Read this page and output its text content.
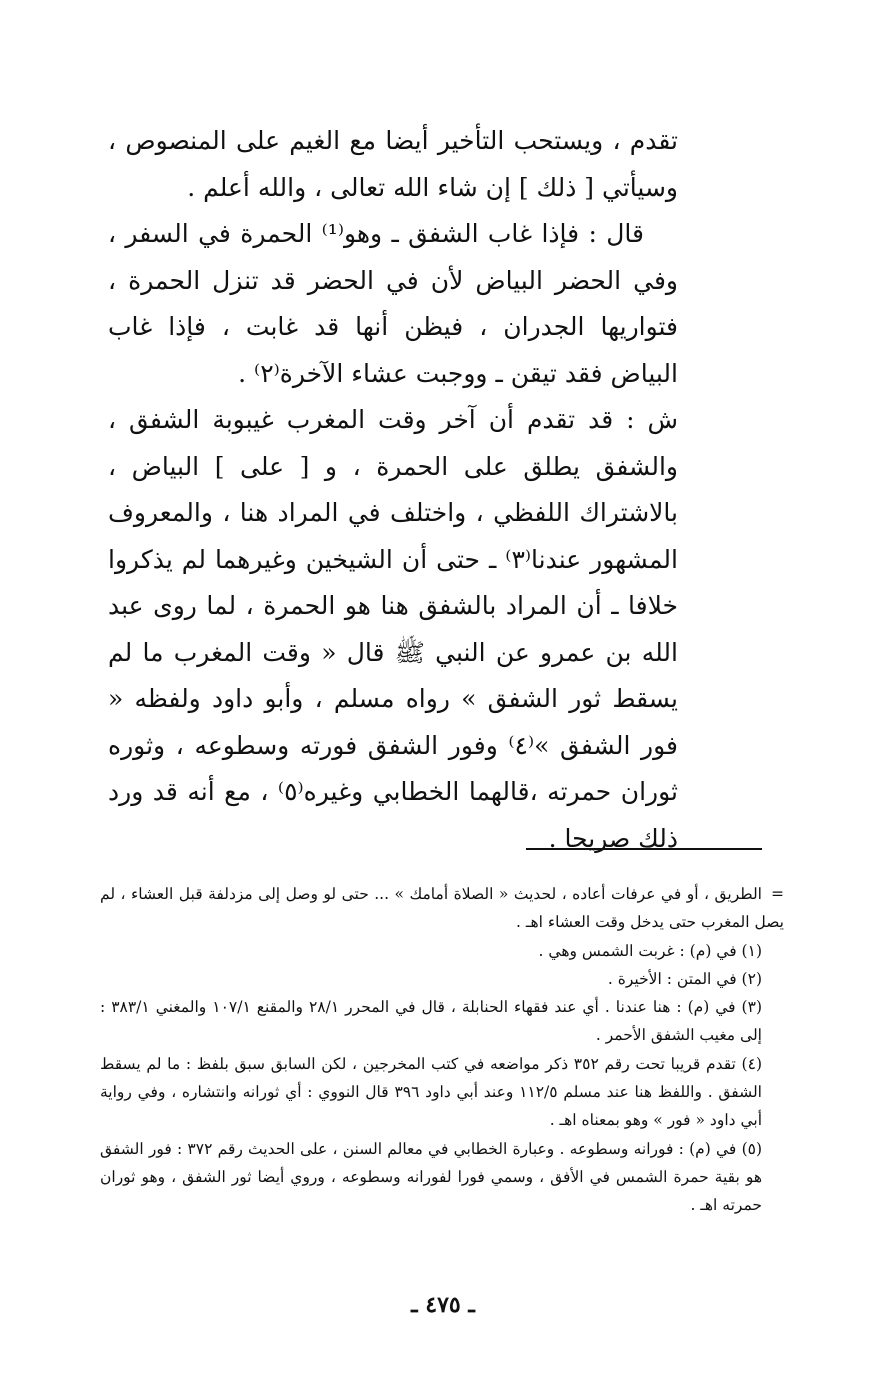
تقدم ، ويستحب التأخير أيضا مع الغيم على المنصوص ، وسيأتي [ ذلك ] إن شاء الله تعالى ، والله أعلم .

قال : فإذا غاب الشفق ـ وهو⁽¹⁾ الحمرة في السفر ، وفي الحضر البياض لأن في الحضر قد تنزل الحمرة ، فتواريها الجدران ، فيظن أنها قد غابت ، فإذا غاب البياض فقد تيقن ـ ووجبت عشاء الآخرة⁽٢⁾ .

ش : قد تقدم أن آخر وقت المغرب غيبوبة الشفق ، والشفق يطلق على الحمرة ، و [ على ] البياض ، بالاشتراك اللفظي ، واختلف في المراد هنا ، والمعروف المشهور عندنا⁽٣⁾ ـ حتى أن الشيخين وغيرهما لم يذكروا خلافا ـ أن المراد بالشفق هنا هو الحمرة ، لما روى عبد الله بن عمرو عن النبي ﷺ قال « وقت المغرب ما لم يسقط ثور الشفق » رواه مسلم ، وأبو داود ولفظه « فور الشفق »⁽٤⁾ وفور الشفق فورته وسطوعه ، وثوره ثوران حمرته ،قالهما الخطابي وغيره⁽٥⁾ ، مع أنه قد ورد ذلك صريحا .

=الطريق ، أو في عرفات أعاده ، لحديث « الصلاة أمامك » ... حتى لو وصل إلى مزدلفة قبل العشاء ، لم يصل المغرب حتى يدخل وقت العشاء اهـ .

(١) في (م) : غربت الشمس وهي .

(٢) في المتن : الأخيرة .

(٣) في (م) : هنا عندنا . أي عند فقهاء الحنابلة ، قال في المحرر ٢٨/١ والمقنع ١٠٧/١ والمغني ٣٨٣/١ : إلى مغيب الشفق الأحمر .

(٤) تقدم قريبا تحت رقم ٣٥٢ ذكر مواضعه في كتب المخرجين ، لكن السابق سبق بلفظ : ما لم يسقط الشفق . واللفظ هنا عند مسلم ١١٢/٥ وعند أبي داود ٣٩٦ قال النووي : أي ثورانه وانتشاره ، وفي رواية أبي داود « فور » وهو بمعناه اهـ .

(٥) في (م) : فورانه وسطوعه . وعبارة الخطابي في معالم السنن ، على الحديث رقم ٣٧٢ : فور الشفق هو بقية حمرة الشمس في الأفق ، وسمي فورا لفورانه وسطوعه ، وروي أيضا ثور الشفق ، وهو ثوران حمرته اهـ .

ـ ٤٧٥ ـ
